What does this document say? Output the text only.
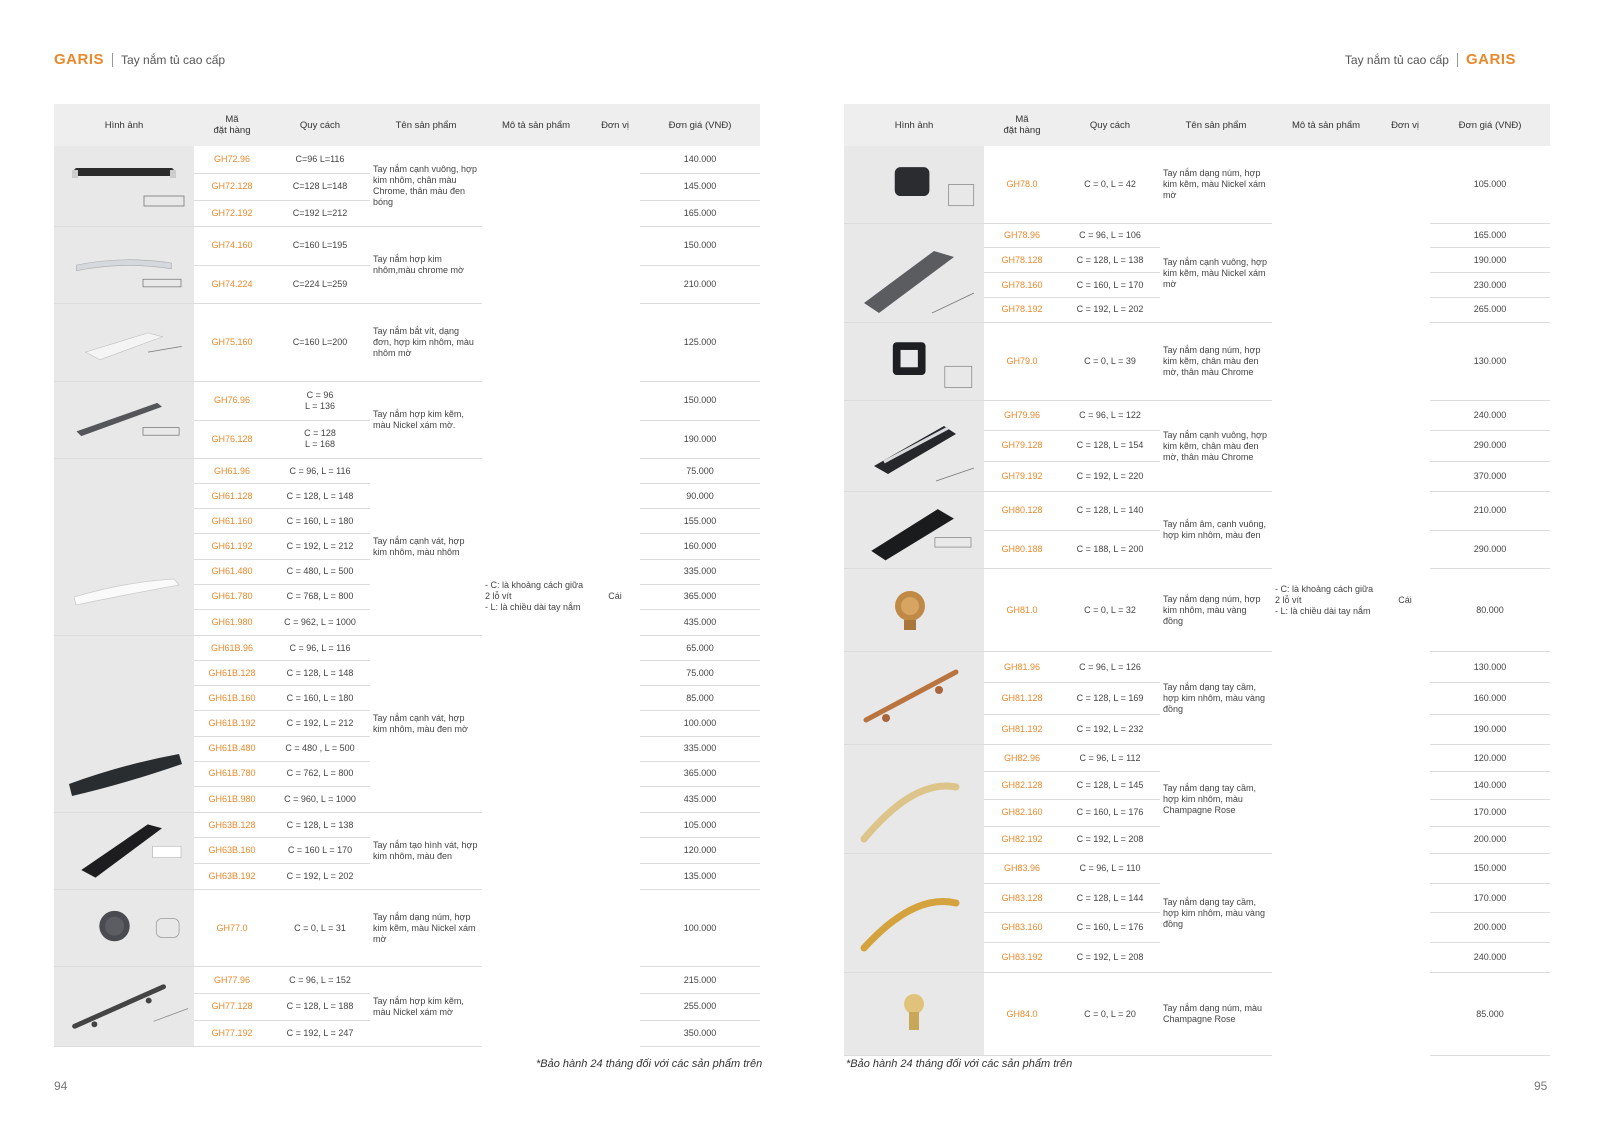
GARIS Tay nắm tủ cao cấp	Tay nắm tủ cao cấp GARIS
Hình ảnh	Mã
đặt hàng	Quy cách	Tên sản phẩm	Mô tả sản phẩm	Đơn vị	Đơn giá (VNĐ)

	GH72.96	C=96 L=116	Tay nắm cạnh vuông, hợp kim nhôm, chân màu Chrome, thân màu đen bóng	- C: là khoảng cách giữa 2 lỗ vít
- L: là chiều dài tay nắm	Cái	140.000
	GH72.128	C=128 L=148				145.000
	GH72.192	C=192 L=212				165.000

	GH74.160	C=160 L=195	Tay nắm hợp kim nhôm,màu chrome mờ			150.000
	GH74.224	C=224 L=259				210.000

	GH75.160	C=160 L=200	Tay nắm bắt vít, dạng đơn, hợp kim nhôm, màu nhôm mờ			125.000

	GH76.96	C = 96
L = 136	Tay nắm hợp kim kẽm, màu Nickel xám mờ.			150.000
	GH76.128	C = 128
L = 168				190.000

	GH61.96	C = 96, L = 116	Tay nắm cạnh vát, hợp kim nhôm, màu nhôm			75.000
	GH61.128	C = 128, L = 148				90.000
	GH61.160	C = 160, L = 180				155.000
	GH61.192	C = 192, L = 212				160.000
	GH61.480	C = 480, L = 500				335.000
	GH61.780	C = 768, L = 800				365.000
	GH61.980	C = 962, L = 1000				435.000

	GH61B.96	C = 96, L = 116	Tay nắm cạnh vát, hợp kim nhôm, màu đen mờ			65.000
	GH61B.128	C = 128, L = 148				75.000
	GH61B.160	C = 160, L = 180				85.000
	GH61B.192	C = 192, L = 212				100.000
	GH61B.480	C = 480 , L = 500				335.000
	GH61B.780	C = 762, L = 800				365.000
	GH61B.980	C = 960, L = 1000				435.000

	GH63B.128	C = 128, L = 138	Tay nắm tạo hình vát, hợp kim nhôm, màu đen			105.000
	GH63B.160	C = 160 L = 170				120.000
	GH63B.192	C = 192, L = 202				135.000

	GH77.0	C = 0, L = 31	Tay nắm dạng núm, hợp kim kẽm, màu Nickel xám mờ			100.000

	GH77.96	C = 96, L = 152	Tay nắm hợp kim kẽm, màu Nickel xám mờ			215.000
	GH77.128	C = 128, L = 188				255.000
	GH77.192	C = 192, L = 247				350.000
Hình ảnh	Mã
đặt hàng	Quy cách	Tên sản phẩm	Mô tả sản phẩm	Đơn vị	Đơn giá (VNĐ)

	GH78.0	C = 0, L = 42	Tay nắm dạng núm, hợp kim kẽm, màu Nickel xám mờ	- C: là khoảng cách giữa 2 lỗ vít
- L: là chiều dài tay nắm	Cái	105.000

	GH78.96	C = 96, L = 106	Tay nắm cạnh vuông, hợp kim kẽm, màu Nickel xám mờ			165.000
	GH78.128	C = 128, L = 138				190.000
	GH78.160	C = 160, L = 170				230.000
	GH78.192	C = 192, L = 202				265.000

	GH79.0	C = 0, L = 39	Tay nắm dạng núm, hợp kim kẽm, chân màu đen mờ, thân màu Chrome			130.000

	GH79.96	C = 96, L = 122	Tay nắm cạnh vuông, hợp kim kẽm, chân màu đen mờ, thân màu Chrome			240.000
	GH79.128	C = 128, L = 154				290.000
	GH79.192	C = 192, L = 220				370.000

	GH80.128	C = 128, L = 140	Tay nắm âm, cạnh vuông, hợp kim nhôm, màu đen			210.000
	GH80.188	C = 188, L = 200				290.000

	GH81.0	C = 0, L = 32	Tay nắm dạng núm, hợp kim nhôm, màu vàng đồng			80.000

	GH81.96	C = 96, L = 126	Tay nắm dạng tay cầm, hợp kim nhôm, màu vàng đồng			130.000
	GH81.128	C = 128, L = 169				160.000
	GH81.192	C = 192, L = 232				190.000

	GH82.96	C = 96, L = 112	Tay nắm dạng tay cầm, hợp kim nhôm, màu Champagne Rose			120.000
	GH82.128	C = 128, L = 145				140.000
	GH82.160	C = 160, L = 176				170.000
	GH82.192	C = 192, L = 208				200.000

	GH83.96	C = 96, L = 110	Tay nắm dạng tay cầm, hợp kim nhôm, màu vàng đồng			150.000
	GH83.128	C = 128, L = 144				170.000
	GH83.160	C = 160, L = 176				200.000
	GH83.192	C = 192, L = 208				240.000

	GH84.0	C = 0, L = 20	Tay nắm dạng núm, màu Champagne Rose			85.000
*Bảo hành 24 tháng đối với các sản phẩm trên	*Bảo hành 24 tháng đối với các sản phẩm trên
94	95
